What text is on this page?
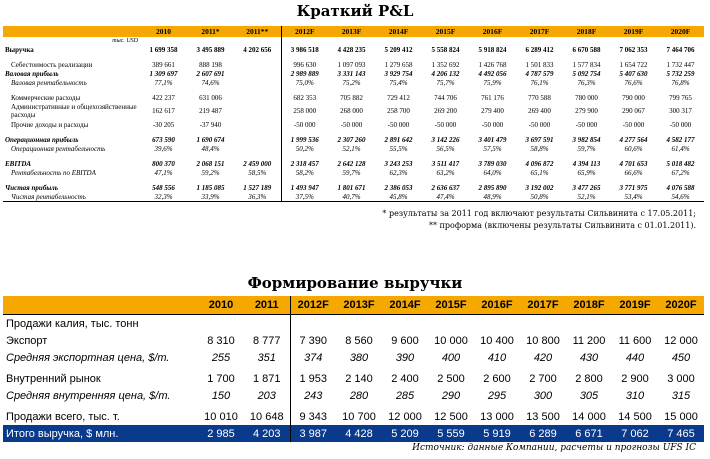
Краткий P&L
	2010	2011*	2011**	2012F	2013F	2014F	2015F	2016F	2017F	2018F	2019F	2020F
тыс. USD												
Выручка	1 699 358	3 495 889	4 202 656	3 986 518	4 428 235	5 209 412	5 558 824	5 918 824	6 289 412	6 670 588	7 062 353	7 464 706

Себестоимость реализации	389 661	888 198		996 630	1 097 093	1 279 658	1 352 692	1 426 768	1 501 833	1 577 834	1 654 722	1 732 447
Валовая прибыль	1 309 697	2 607 691		2 989 889	3 331 143	3 929 754	4 206 132	4 492 056	4 787 579	5 092 754	5 407 630	5 732 259
Валовая рентабельность	77,1%	74,6%		75,0%	75,2%	75,4%	75,7%	75,9%	76,1%	76,3%	76,6%	76,8%

Коммерческие расходы	422 237	631 006		682 353	705 882	729 412	744 706	761 176	770 588	780 000	790 000	799 765
Административные и общехозяйственные расходы	162 617	219 487		258 000	268 000	258 700	269 200	279 400	269 400	279 900	290 067	300 317
Прочие доходы и расходы	-30 205	-37 940		-50 000	-50 000	-50 000	-50 000	-50 000	-50 000	-50 000	-50 000	-50 000

Операционная прибыль	673 590	1 690 674		1 999 536	2 307 260	2 891 642	3 142 226	3 401 479	3 697 591	3 982 854	4 277 564	4 582 177
Операционная рентабельность	39,6%	48,4%		50,2%	52,1%	55,5%	56,5%	57,5%	58,8%	59,7%	60,6%	61,4%

EBITDA	800 370	2 068 151	2 459 000	2 318 457	2 642 128	3 243 253	3 511 417	3 789 030	4 096 872	4 394 113	4 701 653	5 018 482
Рентабельность по EBITDA	47,1%	59,2%	58,5%	58,2%	59,7%	62,3%	63,2%	64,0%	65,1%	65,9%	66,6%	67,2%

Чистая прибыль	548 556	1 185 085	1 527 189	1 493 947	1 801 671	2 386 053	2 636 637	2 895 890	3 192 002	3 477 265	3 771 975	4 076 588
Чистая рентабельность	32,3%	33,9%	36,3%	37,5%	40,7%	45,8%	47,4%	48,9%	50,8%	52,1%	53,4%	54,6%
* результаты за 2011 год включают результаты Сильвинита с 17.05.2011;
** проформа (включены результаты Сильвинита с 01.01.2011).
Формирование выручки
	2010	2011	2012F	2013F	2014F	2015F	2016F	2017F	2018F	2019F	2020F
Продажи калия, тыс. тонн											
Экспорт	8 310	8 777	7 390	8 560	9 600	10 000	10 400	10 800	11 200	11 600	12 000
Средняя экспортная цена, $/т.	255	351	374	380	390	400	410	420	430	440	450

Внутренний рынок	1 700	1 871	1 953	2 140	2 400	2 500	2 600	2 700	2 800	2 900	3 000
Средняя внутренняя цена, $/т.	150	203	243	280	285	290	295	300	305	310	315

Продажи всего, тыс. т.	10 010	10 648	9 343	10 700	12 000	12 500	13 000	13 500	14 000	14 500	15 000
Итого выручка, $ млн.	2 985	4 203	3 987	4 428	5 209	5 559	5 919	6 289	6 671	7 062	7 465
Источник: данные Компании, расчеты и прогнозы UFS IC
